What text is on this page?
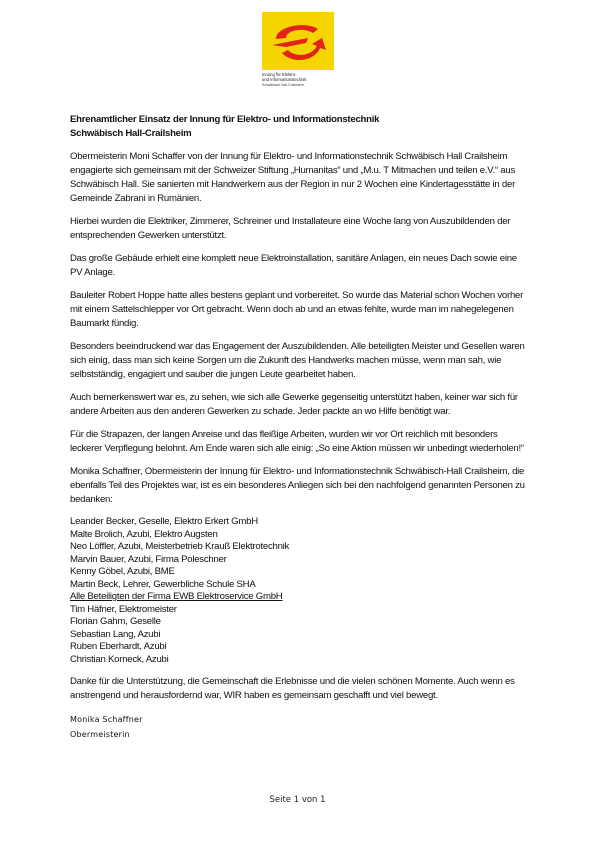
Innung für Elektro-
und Informationstechnik
Schwäbisch Hall-Crailsheim
Ehrenamtlicher Einsatz der Innung für Elektro- und Informationstechnik
Schwäbisch Hall-Crailsheim

Obermeisterin Moni Schaffer von der Innung für Elektro- und Informationstechnik Schwäbisch Hall Crailsheim engagierte sich gemeinsam mit der Schweizer Stiftung „Humanitas“ und „M.u. T Mitmachen und teilen e.V.“ aus Schwäbisch Hall. Sie sanierten mit Handwerkern aus der Region in nur 2 Wochen eine Kindertagesstätte in der Gemeinde Zabrani in Rumänien.

Hierbei wurden die Elektriker, Zimmerer, Schreiner und Installateure eine Woche lang von Auszubildenden der entsprechenden Gewerken unterstützt.

Das große Gebäude erhielt eine komplett neue Elektroinstallation, sanitäre Anlagen, ein neues Dach sowie eine PV Anlage.

Bauleiter Robert Hoppe hatte alles bestens geplant und vorbereitet. So wurde das Material schon Wochen vorher mit einem Sattelschlepper vor Ort gebracht. Wenn doch ab und an etwas fehlte, wurde man im nahegelegenen Baumarkt fündig.

Besonders beeindruckend war das Engagement der Auszubildenden. Alle beteiligten Meister und Gesellen waren sich einig, dass man sich keine Sorgen um die Zukunft des Handwerks machen müsse, wenn man sah, wie selbstständig, engagiert und sauber die jungen Leute gearbeitet haben.

Auch bemerkenswert war es, zu sehen, wie sich alle Gewerke gegenseitig unterstützt haben, keiner war sich für andere Arbeiten aus den anderen Gewerken zu schade. Jeder packte an wo Hilfe benötigt war.

Für die Strapazen, der langen Anreise und das fleißige Arbeiten, wurden wir vor Ort reichlich mit besonders leckerer Verpflegung belohnt. Am Ende waren sich alle einig: „So eine Aktion müssen wir unbedingt wiederholen!“

Monika Schaffner, Obermeisterin der Innung für Elektro- und Informationstechnik Schwäbisch-Hall Crailsheim, die ebenfalls Teil des Projektes war, ist es ein besonderes Anliegen sich bei den nachfolgend genannten Personen zu bedanken:

Leander Becker, Geselle, Elektro Erkert GmbH
Malte Brolich, Azubi, Elektro Augsten
Neo Löffler, Azubi, Meisterbetrieb Krauß Elektrotechnik
Marvin Bauer, Azubi, Firma Poleschner
Kenny Göbel, Azubi, BME
Martin Beck, Lehrer, Gewerbliche Schule SHA
Alle Beteiligten der Firma EWB Elektroservice GmbH
Tim Häfner, Elektromeister
Florian Gahm, Geselle
Sebastian Lang, Azubi
Ruben Eberhardt, Azubi
Christian Korneck, Azubi

Danke für die Unterstützung, die Gemeinschaft die Erlebnisse und die vielen schönen Momente. Auch wenn es anstrengend und herausfordernd war, WIR haben es gemeinsam geschafft und viel bewegt.

Monika Schaffner
Obermeisterin
Seite 1 von 1
